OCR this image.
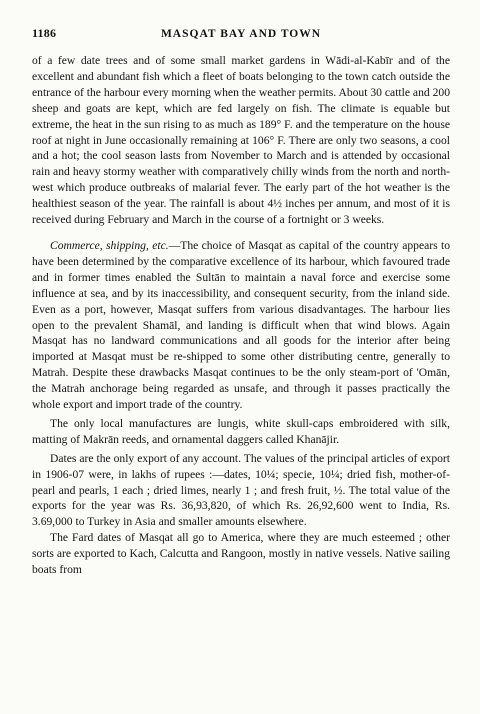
1186	MASQAT BAY AND TOWN

of a few date trees and of some small market gardens in Wādi-al-Kabīr and of the excellent and abundant fish which a fleet of boats belonging to the town catch outside the entrance of the harbour every morning when the weather permits. About 30 cattle and 200 sheep and goats are kept, which are fed largely on fish. The climate is equable but extreme, the heat in the sun rising to as much as 189° F. and the temperature on the house roof at night in June occasionally remaining at 106° F. There are only two seasons, a cool and a hot; the cool season lasts from November to March and is attended by occasional rain and heavy stormy weather with comparatively chilly winds from the north and north-west which produce outbreaks of malarial fever. The early part of the hot weather is the healthiest season of the year. The rainfall is about 4½ inches per annum, and most of it is received during February and March in the course of a fortnight or 3 weeks.

Commerce, shipping, etc.—The choice of Masqat as capital of the country appears to have been determined by the comparative excellence of its harbour, which favoured trade and in former times enabled the Sultān to maintain a naval force and exercise some influence at sea, and by its inaccessibility, and consequent security, from the inland side. Even as a port, however, Masqat suffers from various disadvantages. The harbour lies open to the prevalent Shamāl, and landing is difficult when that wind blows. Again Masqat has no landward communications and all goods for the interior after being imported at Masqat must be re-shipped to some other distributing centre, generally to Matrah. Despite these drawbacks Masqat continues to be the only steam-port of 'Omān, the Matrah anchorage being regarded as unsafe, and through it passes practically the whole export and import trade of the country.

The only local manufactures are lungis, white skull-caps embroidered with silk, matting of Makrān reeds, and ornamental daggers called Khanājir.

Dates are the only export of any account. The values of the principal articles of export in 1906-07 were, in lakhs of rupees :—dates, 10¼; specie, 10¼; dried fish, mother-of-pearl and pearls, 1 each ; dried limes, nearly 1 ; and fresh fruit, ½. The total value of the exports for the year was Rs. 36,93,820, of which Rs. 26,92,600 went to India, Rs. 3.69,000 to Turkey in Asia and smaller amounts elsewhere.

The Fard dates of Masqat all go to America, where they are much esteemed ; other sorts are exported to Kach, Calcutta and Rangoon, mostly in native vessels. Native sailing boats from
